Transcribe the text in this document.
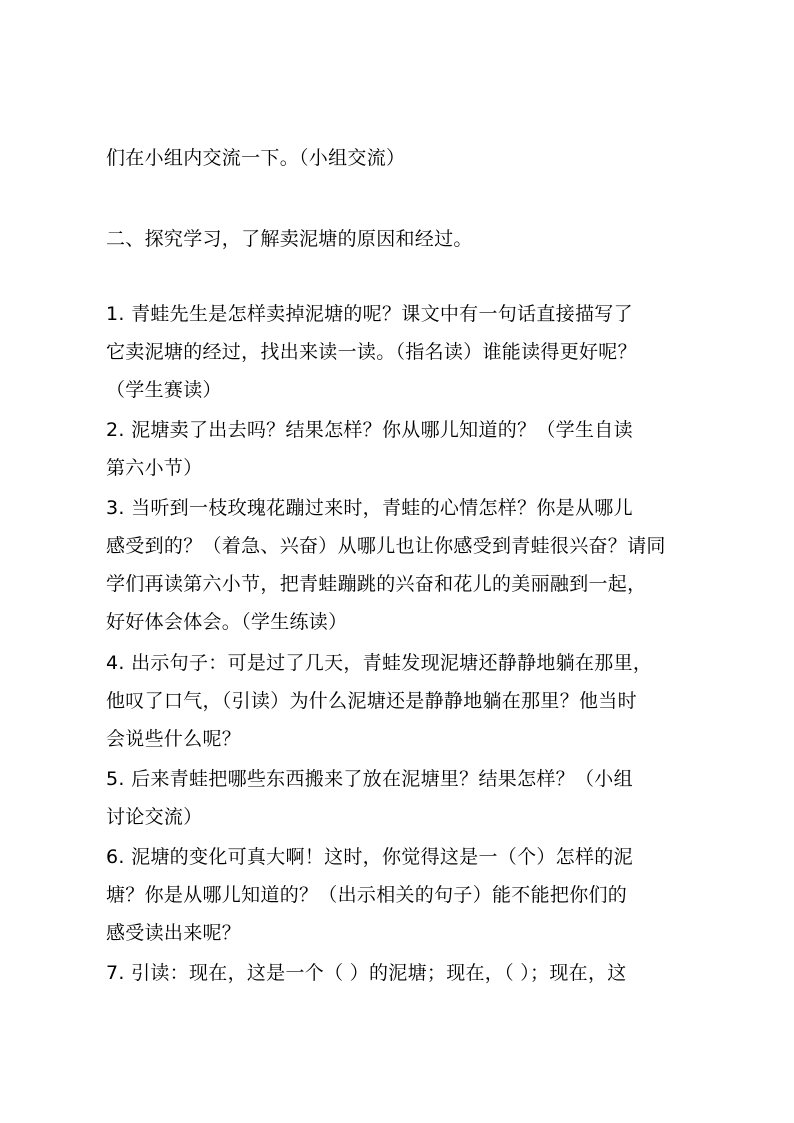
们在小组内交流一下。（小组交流）
二、探究学习，了解卖泥塘的原因和经过。
1. 青蛙先生是怎样卖掉泥塘的呢？课文中有一句话直接描写了
它卖泥塘的经过，找出来读一读。（指名读）谁能读得更好呢？
（学生赛读）
2. 泥塘卖了出去吗？结果怎样？你从哪儿知道的？（学生自读
第六小节）
3. 当听到一枝玫瑰花蹦过来时，青蛙的心情怎样？你是从哪儿
感受到的？（着急、兴奋）从哪儿也让你感受到青蛙很兴奋？请同
学们再读第六小节，把青蛙蹦跳的兴奋和花儿的美丽融到一起，
好好体会体会。（学生练读）
4. 出示句子：可是过了几天，青蛙发现泥塘还静静地躺在那里，
他叹了口气，（引读）为什么泥塘还是静静地躺在那里？他当时
会说些什么呢？
5. 后来青蛙把哪些东西搬来了放在泥塘里？结果怎样？（小组
讨论交流）
6. 泥塘的变化可真大啊！这时，你觉得这是一（个）怎样的泥
塘？你是从哪儿知道的？（出示相关的句子）能不能把你们的
感受读出来呢？
7. 引读：现在，这是一个（ ）的泥塘；现在，（ ）；现在，这
